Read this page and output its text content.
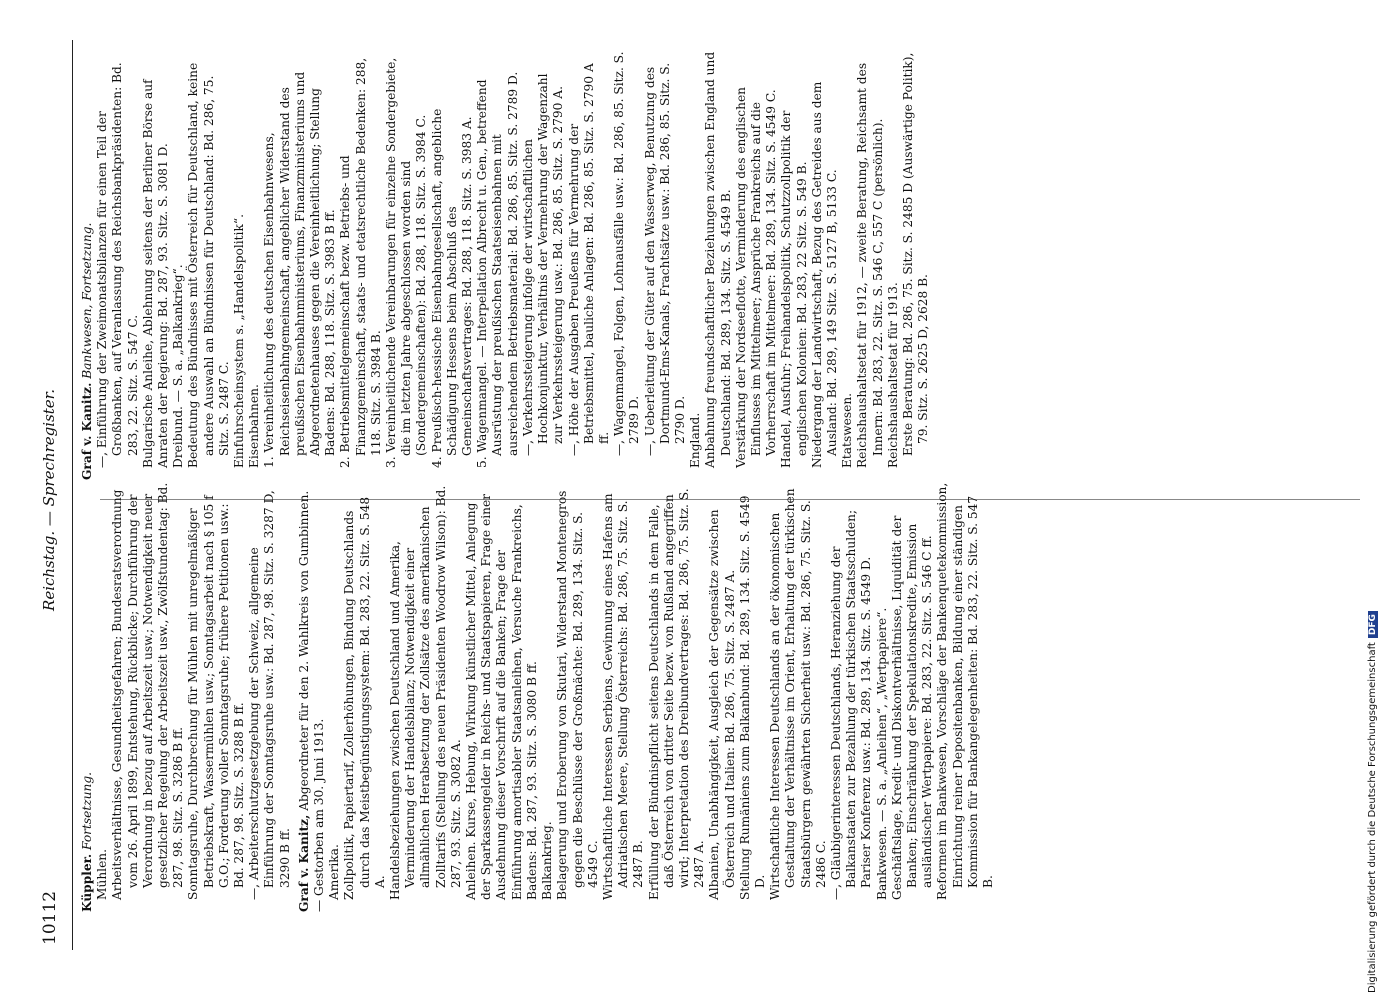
10112
Reichstag. — Sprechregister.

Küppler. Fortsetzung.

Mühlen. Arbeitsverhältnisse, Gesundheitsgefahren; Bundesratsverordnung vom 26. April 1899, Entstehung, Rückblicke; Durchführung der Verordnung in bezug auf Arbeitszeit usw.; Notwendigkeit neuer gesetzlicher Regelung der Arbeitszeit usw., Zwölfstundentag: Bd. 287, 98. Sitz. S. 3286 B ff. Sonntagsruhe, Durchbrechung für Mühlen mit unregelmäßiger Betriebskraft, Wassermühlen usw.; Sonntagsarbeit nach § 105 f G.O.; Forderung voller Sonntagsruhe; frühere Petitionen usw.: Bd. 287, 98. Sitz. S. 3288 B ff. —, Arbeiterschutzgesetzgebung der Schweiz, allgemeine Einführung der Sonntagsruhe usw.: Bd. 287, 98. Sitz. S. 3287 D, 3290 B ff. Graf v. Kanitz, Abgeordneter für den 2. Wahlkreis von Gumbinnen. — Gestorben am 30. Juni 1913. Amerika. Zollpolitik, Papiertarif, Zollerhöhungen, Bindung Deutschlands durch das Meistbegünstigungssystem: Bd. 283, 22. Sitz. S. 548 A. Handelsbeziehungen zwischen Deutschland und Amerika, Verminderung der Handelsbilanz; Notwendigkeit einer allmählichen Herabsetzung der Zollsätze des amerikanischen Zolltarifs (Stellung des neuen Präsidenten Woodrow Wilson): Bd. 287, 93. Sitz. S. 3082 A. Anleihen. Kurse, Hebung, Wirkung künstlicher Mittel, Anlegung der Sparkassengelder in Reichs- und Staatspapieren, Frage einer Ausdehnung dieser Vorschrift auf die Banken; Frage der Einführung amortisabler Staatsanleihen, Versuche Frankreichs, Badens: Bd. 287, 93. Sitz. S. 3080 B ff. Balkankrieg. Belagerung und Eroberung von Skutari, Widerstand Montenegros gegen die Beschlüsse der Großmächte: Bd. 289, 134. Sitz. S. 4549 C. Wirtschaftliche Interessen Serbiens, Gewinnung eines Hafens am Adriatischen Meere, Stellung Österreichs: Bd. 286, 75. Sitz. S. 2487 B. Erfüllung der Bündnispflicht seitens Deutschlands in dem Falle, daß Österreich von dritter Seite bezw. von Rußland angegriffen wird; Interpretation des Dreibundvertrages: Bd. 286, 75. Sitz. S. 2487 A. Albanien, Unabhängigkeit, Ausgleich der Gegensätze zwischen Österreich und Italien: Bd. 286, 75. Sitz. S. 2487 A. Stellung Rumäniens zum Balkanbund: Bd. 289, 134. Sitz. S. 4549 D. Wirtschaftliche Interessen Deutschlands an der ökonomischen Gestaltung der Verhältnisse im Orient, Erhaltung der türkischen Staatsbürgern gewährten Sicherheit usw.: Bd. 286, 75. Sitz. S. 2486 C. —, Gläubigerinteressen Deutschlands, Heranziehung der Balkanstaaten zur Bezahlung der türkischen Staatsschulden; Pariser Konferenz usw.: Bd. 289, 134. Sitz. S. 4549 D. Bankwesen. — S. a. „Anleihen“, „Wertpapiere“. Geschäftslage, Kredit- und Diskontverhältnisse, Liquidität der Banken; Einschränkung der Spekulationskredite, Emission ausländischer Wertpapiere: Bd. 283, 22. Sitz. S. 546 C ff. Reformen im Bankwesen, Vorschläge der Bankenquetekommission, Einrichtung reiner Depositenbanken, Bildung einer ständigen Kommission für Bankangelegenheiten: Bd. 283, 22. Sitz. S. 547 B.

Graf v. Kanitz. Bankwesen, Fortsetzung. —, Einführung der Zweimonatsbilanzen für einen Teil der Großbanken, auf Veranlassung des Reichsbankpräsidenten: Bd. 283, 22. Sitz. S. 547 C. Bulgarische Anleihe, Ablehnung seitens der Berliner Börse auf Anraten der Regierung: Bd. 287, 93. Sitz. S. 3081 D. Dreibund. — S. a. „Balkankrieg“. Bedeutung des Bündnisses mit Österreich für Deutschland, keine andere Auswahl an Bündnissen für Deutschland: Bd. 286, 75. Sitz. S. 2487 C. Einfuhrscheinsystem s. „Handelspolitik“. Eisenbahnen. 1. Vereinheitlichung des deutschen Eisenbahnwesens, Reichseisenbahngemeinschaft, angeblicher Widerstand des preußischen Eisenbahnministeriums, Finanzministeriums und Abgeordnetenhauses gegen die Vereinheitlichung; Stellung Badens: Bd. 288, 118. Sitz. S. 3983 B ff. 2. Betriebsmittelgemeinschaft bezw. Betriebs- und Finanzgemeinschaft, staats- und etatsrechtliche Bedenken: 288, 118. Sitz. S. 3984 B. 3. Vereinheitlichende Vereinbarungen für einzelne Sondergebiete, die im letzten Jahre abgeschlossen worden sind (Sondergemeinschaften): Bd. 288, 118. Sitz. S. 3984 C. 4. Preußisch-hessische Eisenbahngesellschaft, angebliche Schädigung Hessens beim Abschluß des Gemeinschaftsvertrages: Bd. 288, 118. Sitz. S. 3983 A. 5. Wagenmangel. — Interpellation Albrecht u. Gen., betreffend Ausrüstung der preußischen Staatseisenbahnen mit ausreichendem Betriebsmaterial: Bd. 286, 85. Sitz. S. 2789 D. —, Verkehrssteigerung infolge der wirtschaftlichen Hochkonjunktur, Verhältnis der Vermehrung der Wagenzahl zur Verkehrssteigerung usw.: Bd. 286, 85. Sitz. S. 2790 A. —, Höhe der Ausgaben Preußens für Vermehrung der Betriebsmittel, bauliche Anlagen: Bd. 286, 85. Sitz. S. 2790 A ff. —, Wagenmangel, Folgen, Lohnausfälle usw.: Bd. 286, 85. Sitz. S. 2789 D. —, Ueberleitung der Güter auf den Wasserweg, Benutzung des Dortmund-Ems-Kanals, Frachtsätze usw.: Bd. 286, 85. Sitz. S. 2790 D. England. Anbahnung freundschaftlicher Beziehungen zwischen England und Deutschland: Bd. 289, 134. Sitz. S. 4549 B. Verstärkung der Nordseeflotte, Verminderung des englischen Einflusses im Mittelmeer; Ansprüche Frankreichs auf die Vorherrschaft im Mittelmeer: Bd. 289, 134. Sitz. S. 4549 C. Handel, Ausfuhr; Freihandelspolitik, Schutzzollpolitik der englischen Kolonien: Bd. 283, 22 Sitz. S. 549 B. Niedergang der Landwirtschaft, Bezug des Getreides aus dem Ausland: Bd. 289, 149 Sitz. S. 5127 B, 5133 C. Etatswesen. Reichshaushaltsetat für 1912, — zweite Beratung, Reichsamt des Innern: Bd. 283, 22. Sitz. S. 546 C, 557 C (persönlich). Reichshaushaltsetat für 1913. Erste Beratung: Bd. 286, 75. Sitz. S. 2485 D (Auswärtige Politik), 79. Sitz. S. 2625 D, 2628 B.

Digitalisierung gefördert durch die Deutsche ForschungsgemeinschaftDFG
